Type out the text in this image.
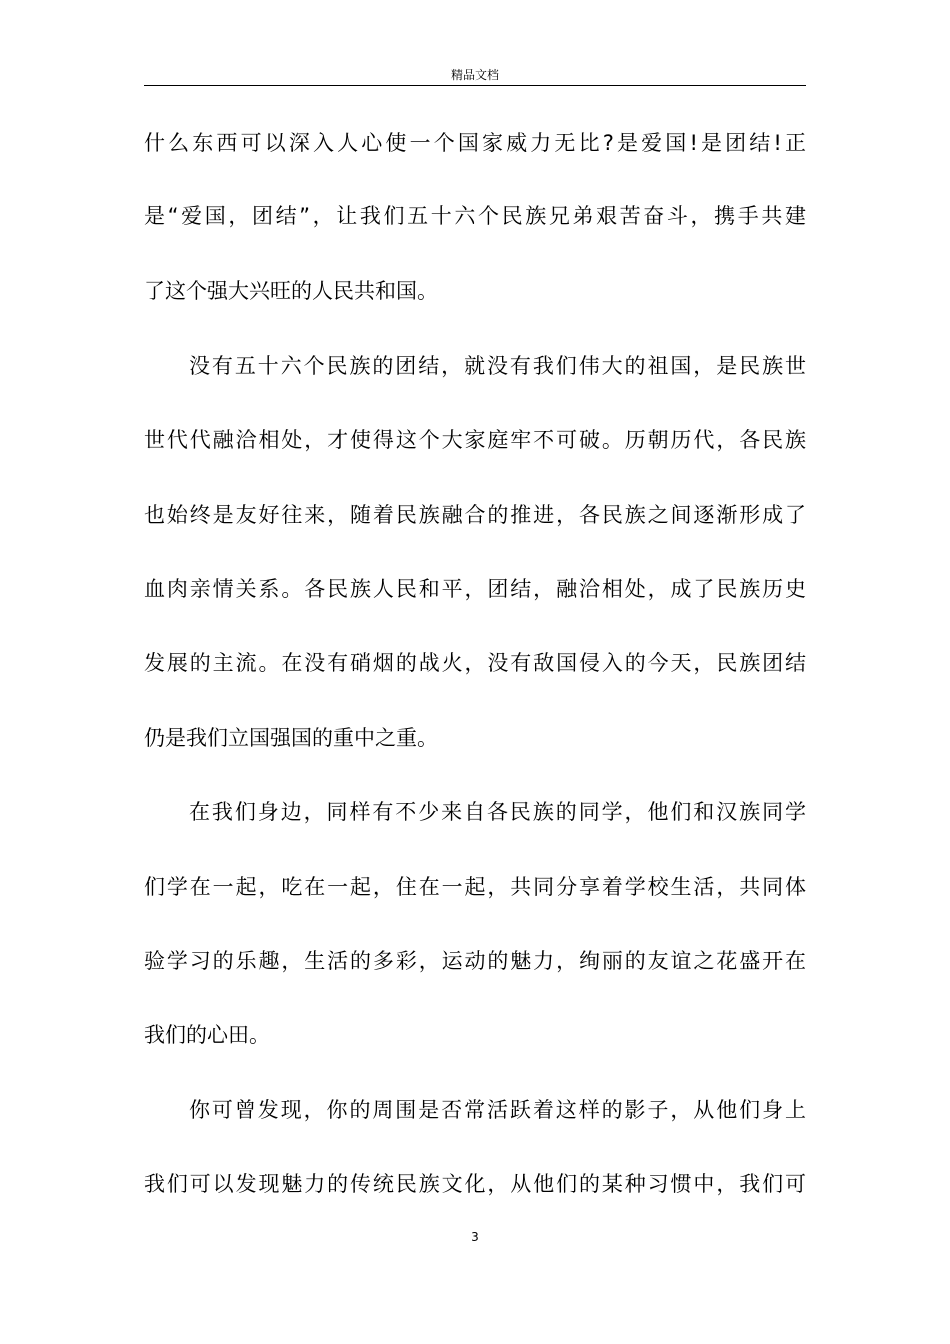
精品文档
什么东西可以深入人心使一个国家威力无比?是爱国!是团结!正
是“爱国，团结”，让我们五十六个民族兄弟艰苦奋斗，携手共建
了这个强大兴旺的人民共和国。
没有五十六个民族的团结，就没有我们伟大的祖国，是民族世
世代代融洽相处，才使得这个大家庭牢不可破。历朝历代，各民族
也始终是友好往来，随着民族融合的推进，各民族之间逐渐形成了
血肉亲情关系。各民族人民和平，团结，融洽相处，成了民族历史
发展的主流。在没有硝烟的战火，没有敌国侵入的今天，民族团结
仍是我们立国强国的重中之重。
在我们身边，同样有不少来自各民族的同学，他们和汉族同学
们学在一起，吃在一起，住在一起，共同分享着学校生活，共同体
验学习的乐趣，生活的多彩，运动的魅力，绚丽的友谊之花盛开在
我们的心田。
你可曾发现，你的周围是否常活跃着这样的影子，从他们身上
我们可以发现魅力的传统民族文化，从他们的某种习惯中，我们可
3
